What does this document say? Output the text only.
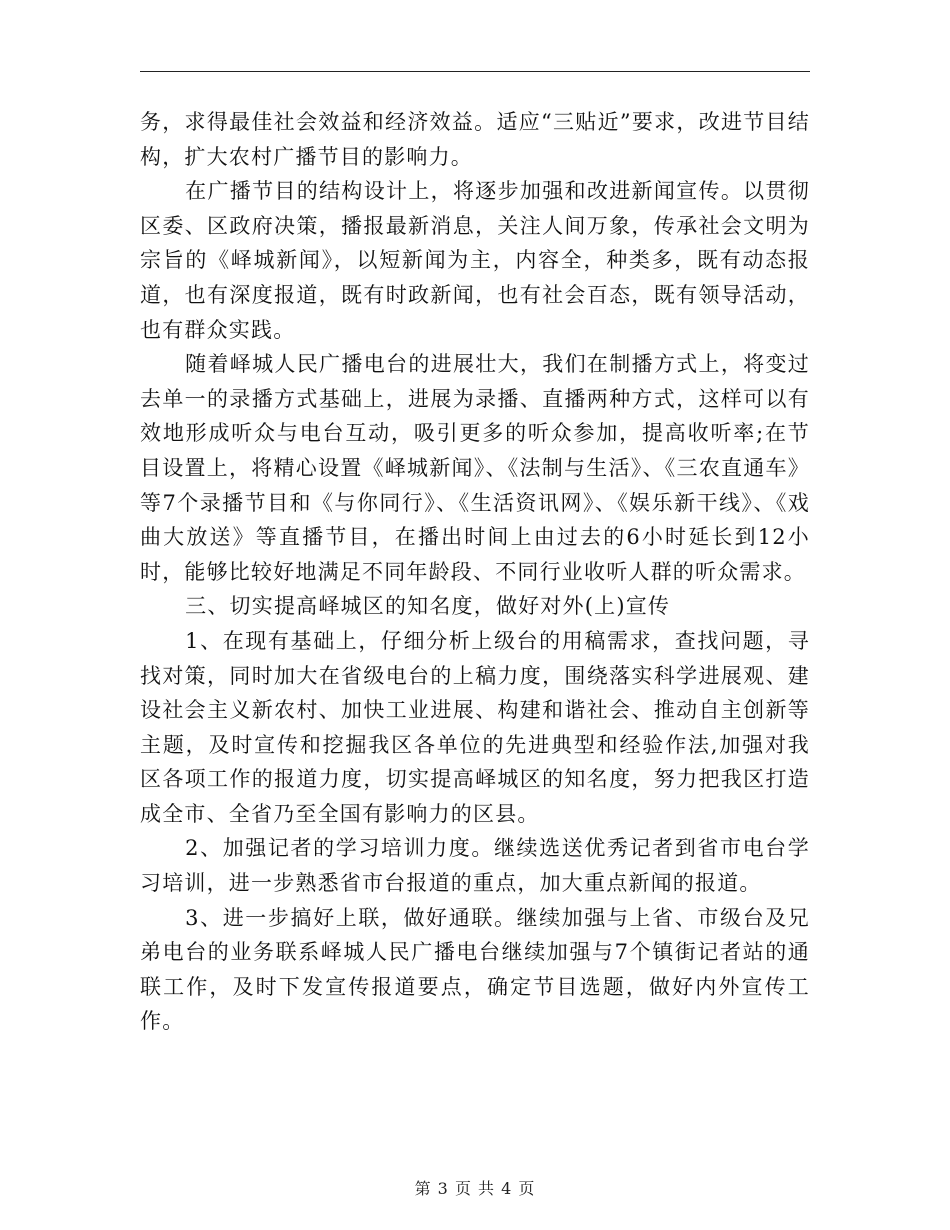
务，求得最佳社会效益和经济效益。适应“三贴近”要求，改进节目结构，扩大农村广播节目的影响力。

在广播节目的结构设计上，将逐步加强和改进新闻宣传。以贯彻区委、区政府决策，播报最新消息，关注人间万象，传承社会文明为宗旨的《峄城新闻》，以短新闻为主，内容全，种类多，既有动态报道，也有深度报道，既有时政新闻，也有社会百态，既有领导活动，也有群众实践。

随着峄城人民广播电台的进展壮大，我们在制播方式上，将变过去单一的录播方式基础上，进展为录播、直播两种方式，这样可以有效地形成听众与电台互动，吸引更多的听众参加，提高收听率;在节目设置上，将精心设置《峄城新闻》、《法制与生活》、《三农直通车》等7个录播节目和《与你同行》、《生活资讯网》、《娱乐新干线》、《戏曲大放送》等直播节目，在播出时间上由过去的6小时延长到12小时，能够比较好地满足不同年龄段、不同行业收听人群的听众需求。

三、切实提高峄城区的知名度，做好对外(上)宣传

1、在现有基础上，仔细分析上级台的用稿需求，查找问题，寻找对策，同时加大在省级电台的上稿力度，围绕落实科学进展观、建设社会主义新农村、加快工业进展、构建和谐社会、推动自主创新等主题，及时宣传和挖掘我区各单位的先进典型和经验作法,加强对我区各项工作的报道力度，切实提高峄城区的知名度，努力把我区打造成全市、全省乃至全国有影响力的区县。

2、加强记者的学习培训力度。继续选送优秀记者到省市电台学习培训，进一步熟悉省市台报道的重点，加大重点新闻的报道。

3、进一步搞好上联，做好通联。继续加强与上省、市级台及兄弟电台的业务联系峄城人民广播电台继续加强与7个镇街记者站的通联工作，及时下发宣传报道要点，确定节目选题，做好内外宣传工作。

第 3 页 共 4 页
